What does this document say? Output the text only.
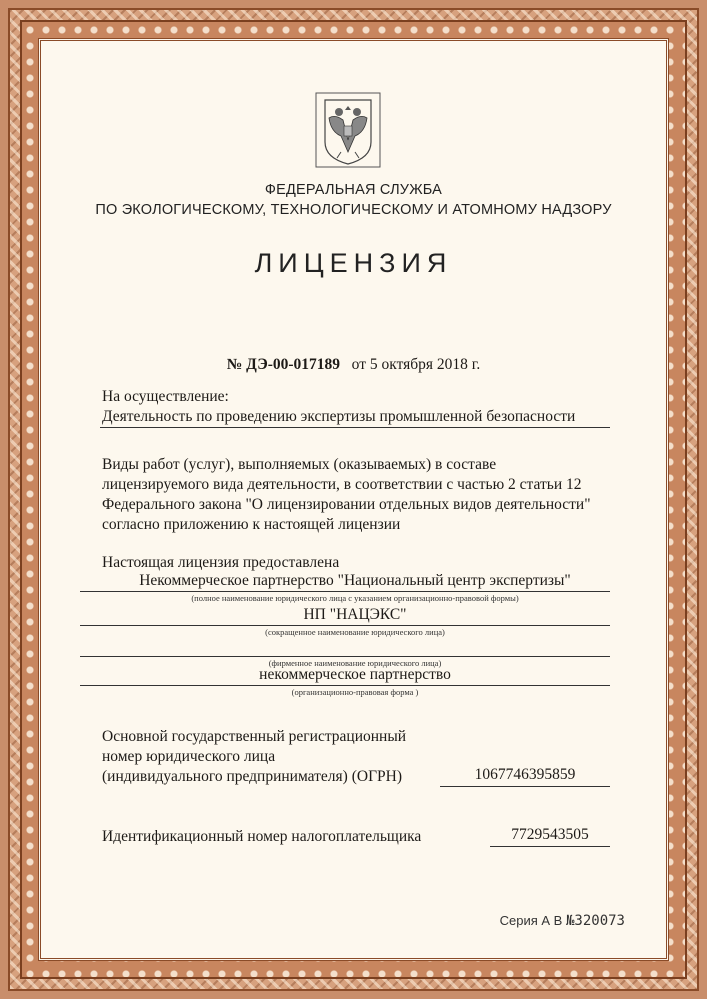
ФЕДЕРАЛЬНАЯ СЛУЖБА
ПО ЭКОЛОГИЧЕСКОМУ, ТЕХНОЛОГИЧЕСКОМУ И АТОМНОМУ НАДЗОРУ
ЛИЦЕНЗИЯ
№ ДЭ-00-017189 от 5 октября 2018 г.
На осуществление:
Деятельность по проведению экспертизы промышленной безопасности
Виды работ (услуг), выполняемых (оказываемых) в составе
лицензируемого вида деятельности, в соответствии с частью 2 статьи 12
Федерального закона "О лицензировании отдельных видов деятельности"
согласно приложению к настоящей лицензии
Настоящая лицензия предоставлена
Некоммерческое партнерство "Национальный центр экспертизы"
(полное наименование юридического лица с указанием организационно-правовой формы)
НП "НАЦЭКС"
(сокращенное наименование юридического лица)
(фирменное наименование юридического лица)
некоммерческое партнерство
(организационно-правовая форма )
Основной государственный регистрационный
номер юридического лица
(индивидуального предпринимателя) (ОГРН)	1067746395859
Идентификационный номер налогоплательщика	7729543505
Серия А В №320073
